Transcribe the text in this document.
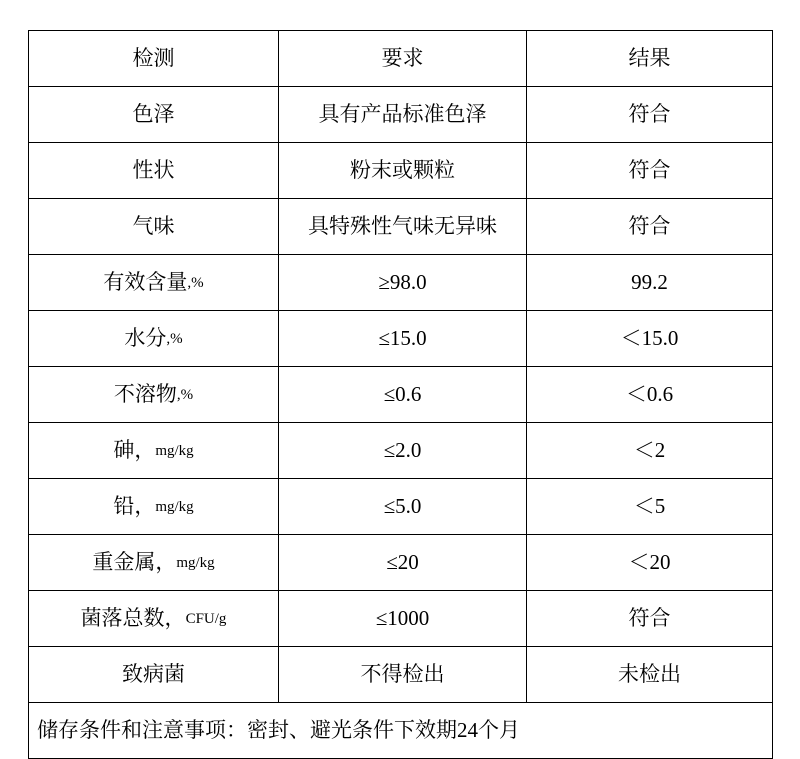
检测	要求	结果

色泽	具有产品标准色泽	符合

性状	粉末或颗粒	符合

气味	具特殊性气味无异味	符合

有效含量 ,%	≥98.0	99.2

水分 ,%	≤15.0	＜15.0

不溶物 ,%	≤0.6	＜0.6

砷， mg/kg	≤2.0	＜2

铅， mg/kg	≤5.0	＜5

重金属， mg/kg	≤20	＜20

菌落总数， CFU/g	≤1000	符合

致病菌	不得检出	未检出

储存条件和注意事项：密封、避光条件下效期24个月		
